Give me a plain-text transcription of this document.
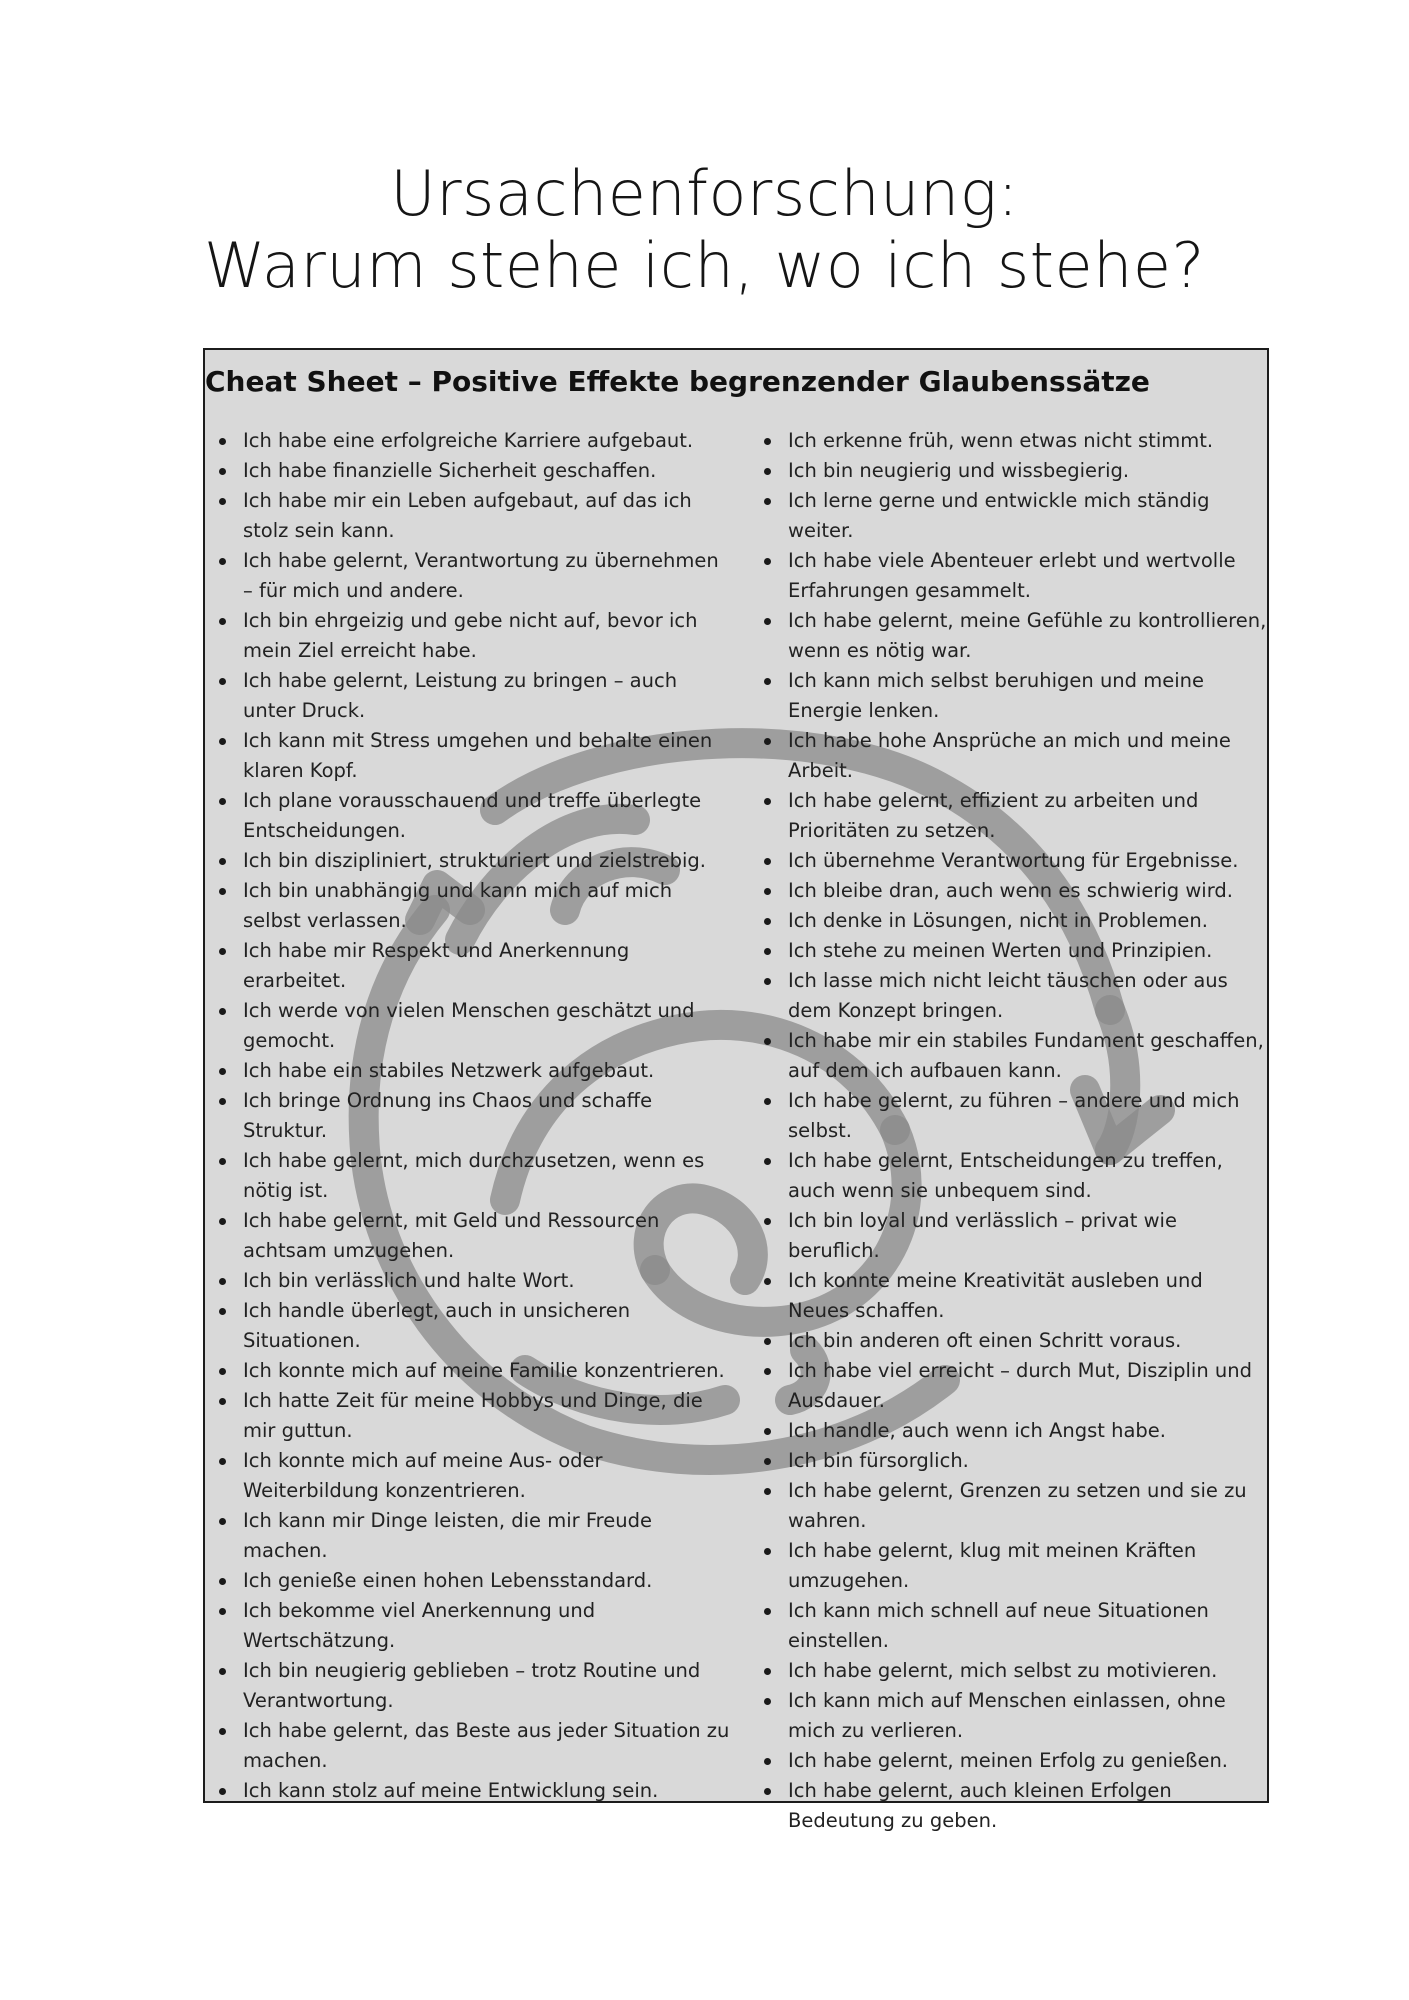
Ursachenforschung:
Warum stehe ich, wo ich stehe?
Cheat Sheet – Positive Effekte begrenzender Glaubenssätze
Ich habe eine erfolgreiche Karriere aufgebaut.
Ich habe finanzielle Sicherheit geschaffen.
Ich habe mir ein Leben aufgebaut, auf das ich stolz sein kann.
Ich habe gelernt, Verantwortung zu übernehmen – für mich und andere.
Ich bin ehrgeizig und gebe nicht auf, bevor ich mein Ziel erreicht habe.
Ich habe gelernt, Leistung zu bringen – auch unter Druck.
Ich kann mit Stress umgehen und behalte einen klaren Kopf.
Ich plane vorausschauend und treffe überlegte Entscheidungen.
Ich bin diszipliniert, strukturiert und zielstrebig.
Ich bin unabhängig und kann mich auf mich selbst verlassen.
Ich habe mir Respekt und Anerkennung erarbeitet.
Ich werde von vielen Menschen geschätzt und gemocht.
Ich habe ein stabiles Netzwerk aufgebaut.
Ich bringe Ordnung ins Chaos und schaffe Struktur.
Ich habe gelernt, mich durchzusetzen, wenn es nötig ist.
Ich habe gelernt, mit Geld und Ressourcen achtsam umzugehen.
Ich bin verlässlich und halte Wort.
Ich handle überlegt, auch in unsicheren Situationen.
Ich konnte mich auf meine Familie konzentrieren.
Ich hatte Zeit für meine Hobbys und Dinge, die mir guttun.
Ich konnte mich auf meine Aus- oder Weiterbildung konzentrieren.
Ich kann mir Dinge leisten, die mir Freude machen.
Ich genieße einen hohen Lebensstandard.
Ich bekomme viel Anerkennung und Wertschätzung.
Ich bin neugierig geblieben – trotz Routine und Verantwortung.
Ich habe gelernt, das Beste aus jeder Situation zu machen.
Ich kann stolz auf meine Entwicklung sein.
Ich erkenne früh, wenn etwas nicht stimmt.
Ich bin neugierig und wissbegierig.
Ich lerne gerne und entwickle mich ständig weiter.
Ich habe viele Abenteuer erlebt und wertvolle Erfahrungen gesammelt.
Ich habe gelernt, meine Gefühle zu kontrollieren, wenn es nötig war.
Ich kann mich selbst beruhigen und meine Energie lenken.
Ich habe hohe Ansprüche an mich und meine Arbeit.
Ich habe gelernt, effizient zu arbeiten und Prioritäten zu setzen.
Ich übernehme Verantwortung für Ergebnisse.
Ich bleibe dran, auch wenn es schwierig wird.
Ich denke in Lösungen, nicht in Problemen.
Ich stehe zu meinen Werten und Prinzipien.
Ich lasse mich nicht leicht täuschen oder aus dem Konzept bringen.
Ich habe mir ein stabiles Fundament geschaffen, auf dem ich aufbauen kann.
Ich habe gelernt, zu führen – andere und mich selbst.
Ich habe gelernt, Entscheidungen zu treffen, auch wenn sie unbequem sind.
Ich bin loyal und verlässlich – privat wie beruflich.
Ich konnte meine Kreativität ausleben und Neues schaffen.
Ich bin anderen oft einen Schritt voraus.
Ich habe viel erreicht – durch Mut, Disziplin und Ausdauer.
Ich handle, auch wenn ich Angst habe.
Ich bin fürsorglich.
Ich habe gelernt, Grenzen zu setzen und sie zu wahren.
Ich habe gelernt, klug mit meinen Kräften umzugehen.
Ich kann mich schnell auf neue Situationen einstellen.
Ich habe gelernt, mich selbst zu motivieren.
Ich kann mich auf Menschen einlassen, ohne mich zu verlieren.
Ich habe gelernt, meinen Erfolg zu genießen.
Ich habe gelernt, auch kleinen Erfolgen Bedeutung zu geben.
